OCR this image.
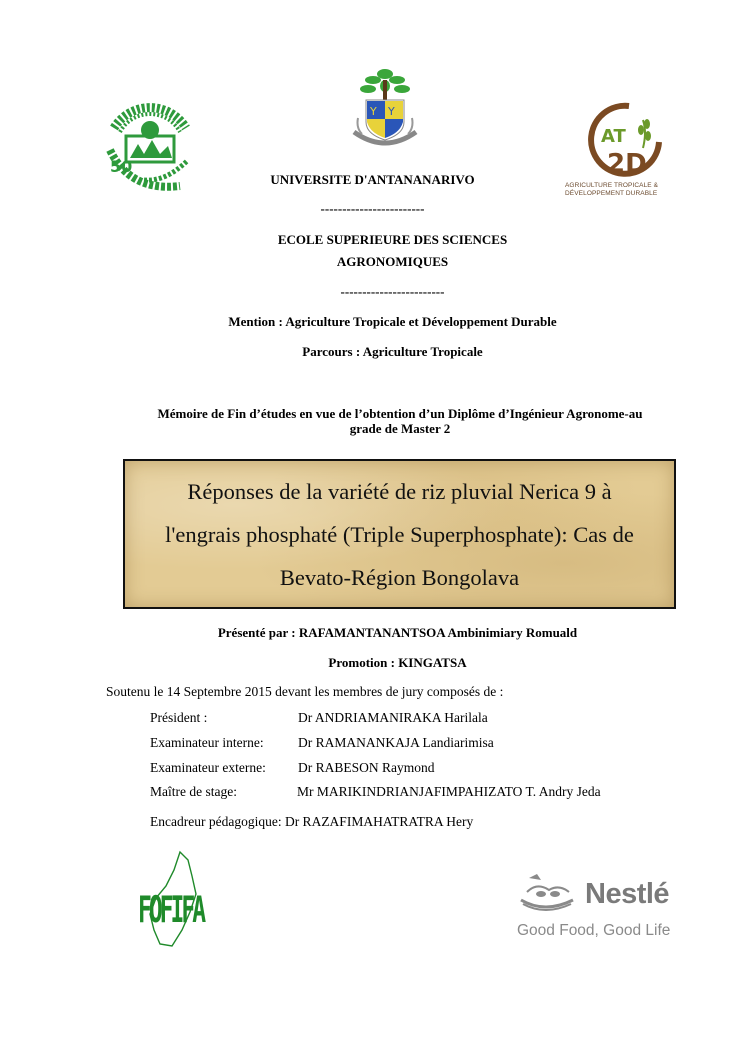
50
Y Y
AT
2D
AGRICULTURE TROPICALE &
DÉVELOPPEMENT DURABLE
UNIVERSITE D'ANTANANARIVO
------------------------
ECOLE SUPERIEURE DES SCIENCES
AGRONOMIQUES
------------------------
Mention : Agriculture Tropicale et Développement Durable
Parcours : Agriculture Tropicale
Mémoire de Fin d’études en vue de l’obtention d’un Diplôme d’Ingénieur Agronome-au
grade de Master 2
Réponses de la variété de riz pluvial Nerica 9 à
l'engrais phosphaté (Triple Superphosphate): Cas de
Bevato-Région Bongolava
Présenté par : RAFAMANTANANTSOA Ambinimiary Romuald
Promotion : KINGATSA
Soutenu le 14 Septembre 2015 devant les membres de jury composés de :
Président :	Dr ANDRIAMANIRAKA Harilala
Examinateur interne:	Dr RAMANANKAJA Landiarimisa
Examinateur externe: Dr RABESON Raymond
Maître de stage:	Mr MARIKINDRIANJAFIMPAHIZATO T. Andry Jeda
Encadreur pédagogique: Dr RAZAFIMAHATRATRA Hery
FOFIFA	Nestlé
Good Food, Good Life
